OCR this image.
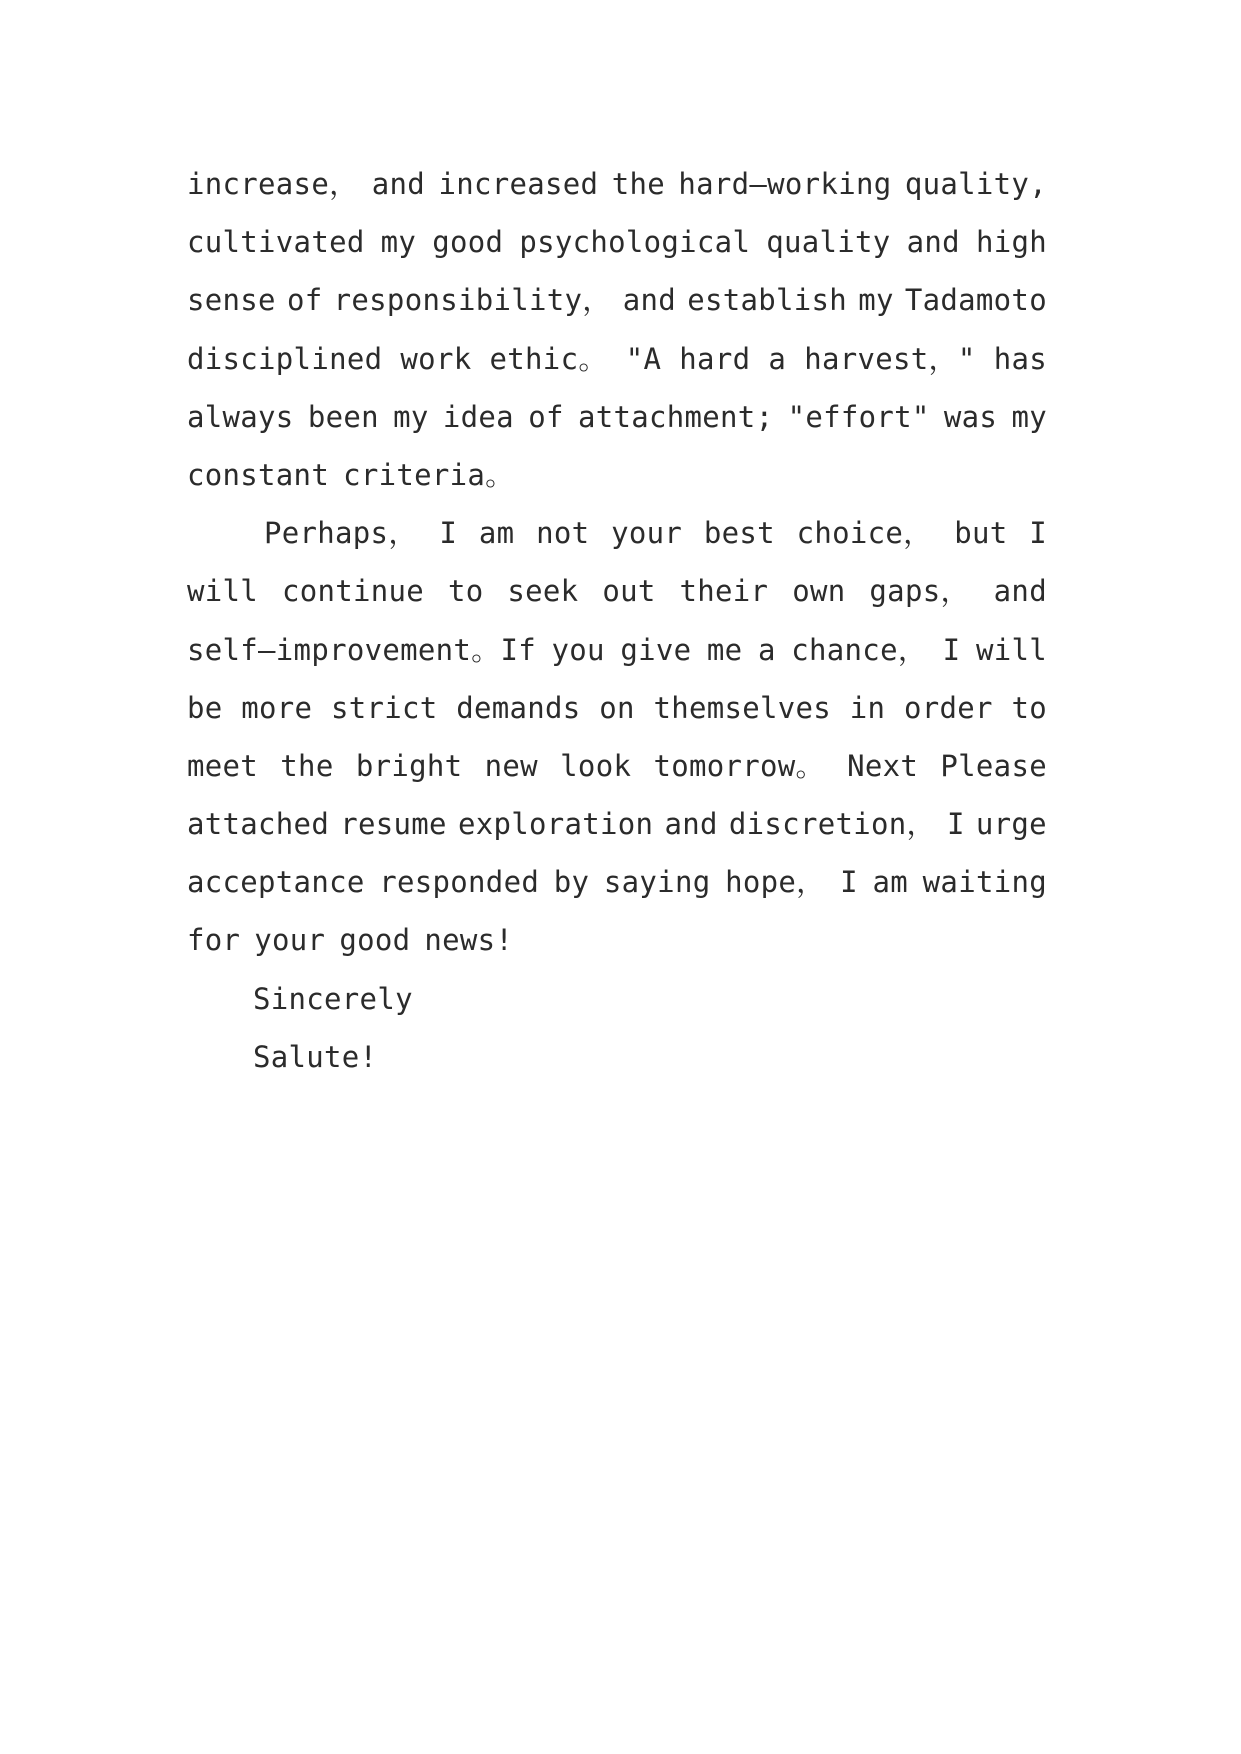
increase， and increased the hard—working quality,
cultivated my good psychological quality and high
sense of responsibility， and establish my Tadamoto
disciplined work ethic。 "A hard a harvest，" has
always been my idea of attachment; "effort" was my
constant criteria。
Perhaps， I am not your best choice， but I
will continue to seek out their own gaps， and
self—improvement。If you give me a chance， I will
be more strict demands on themselves in order to
meet the bright new look tomorrow。 Next Please
attached resume exploration and discretion， I urge
acceptance responded by saying hope， I am waiting
for your good news!
Sincerely
Salute!
